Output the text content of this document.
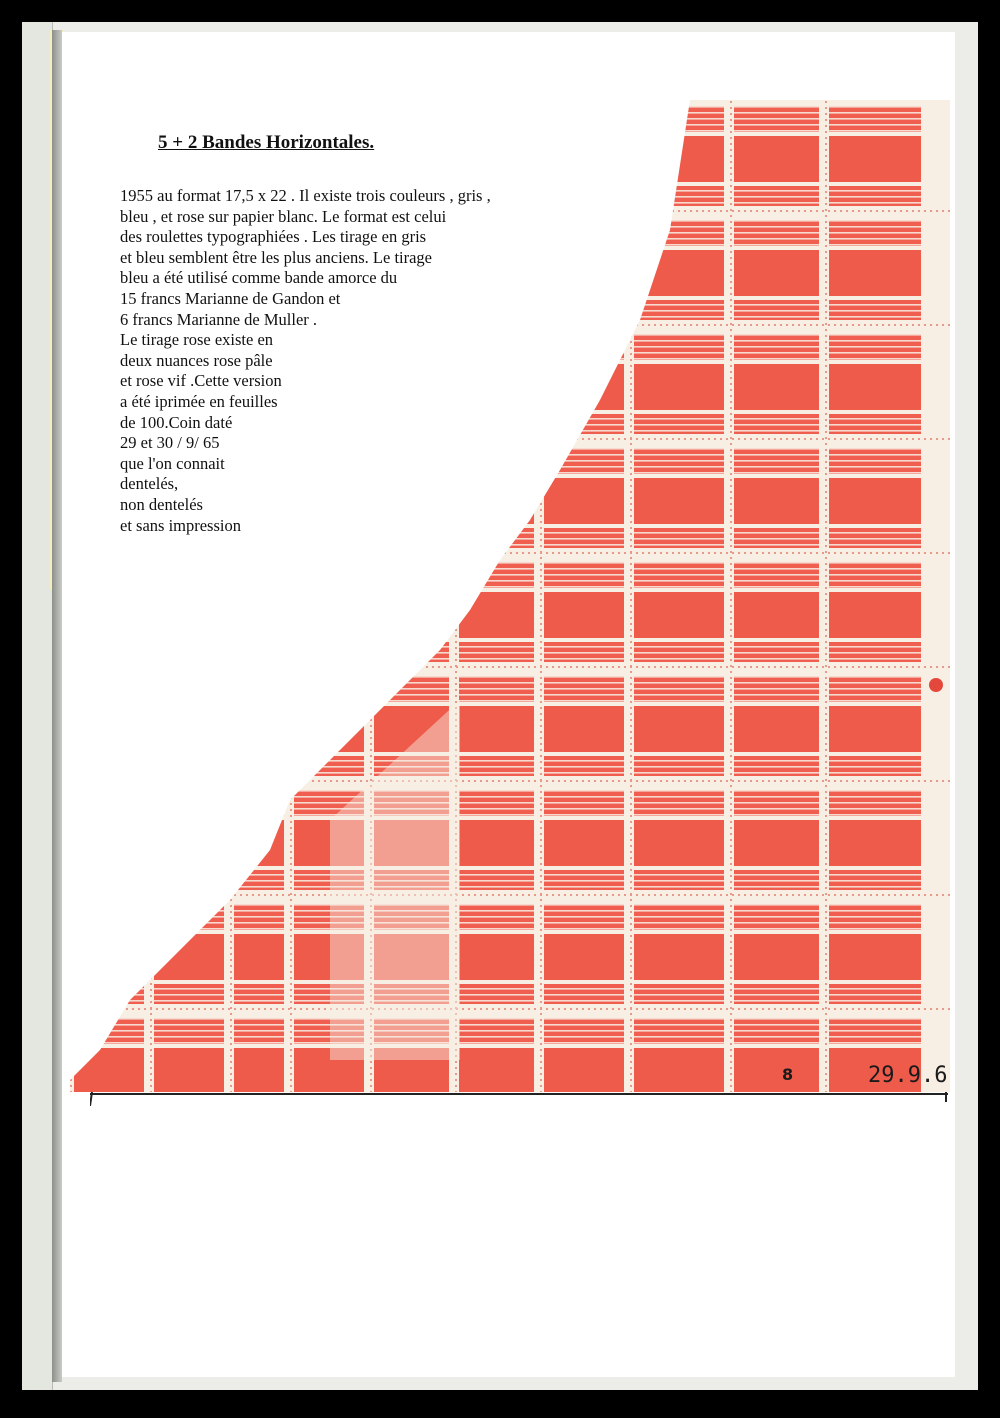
5 + 2 Bandes Horizontales.
1955 au format 17,5 x 22 . Il existe trois couleurs , gris ,
bleu , et rose sur papier blanc. Le format est celui
des roulettes typographiées . Les tirage en gris
et bleu semblent être les plus anciens. Le tirage
bleu a été utilisé comme bande amorce du
15 francs Marianne de Gandon et
6 francs Marianne de Muller .
Le tirage rose existe en
deux nuances rose pâle
et rose vif .Cette version
a été iprimée en feuilles
de 100.Coin daté
29 et 30 / 9/ 65
que l'on connait
dentelés,
non dentelés
et sans impression
8	29.9.6
